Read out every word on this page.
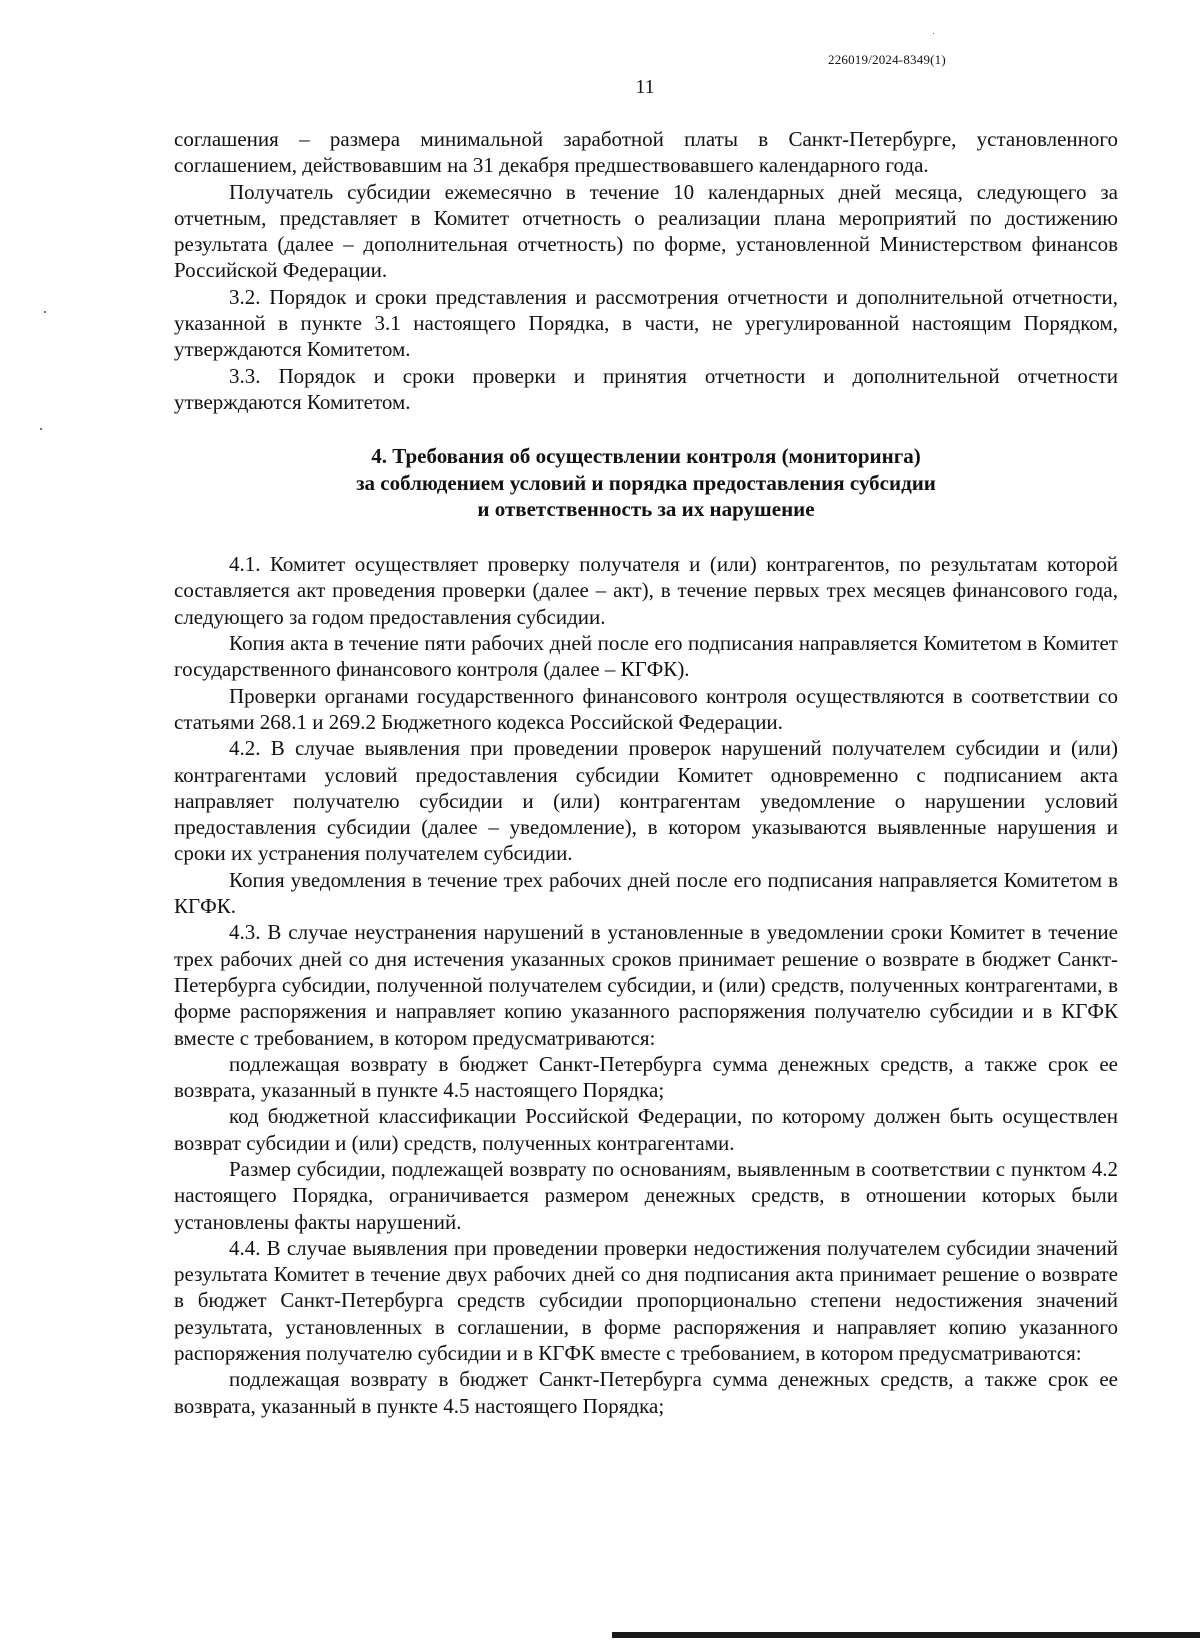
226019/2024-8349(1)
11

соглашения – размера минимальной заработной платы в Санкт-Петербурге, установленного соглашением, действовавшим на 31 декабря предшествовавшего календарного года.

Получатель субсидии ежемесячно в течение 10 календарных дней месяца, следующего за отчетным, представляет в Комитет отчетность о реализации плана мероприятий по достижению результата (далее – дополнительная отчетность) по форме, установленной Министерством финансов Российской Федерации.

3.2. Порядок и сроки представления и рассмотрения отчетности и дополнительной отчетности, указанной в пункте 3.1 настоящего Порядка, в части, не урегулированной настоящим Порядком, утверждаются Комитетом.

3.3. Порядок и сроки проверки и принятия отчетности и дополнительной отчетности утверждаются Комитетом.

4. Требования об осуществлении контроля (мониторинга)
за соблюдением условий и порядка предоставления субсидии
и ответственность за их нарушение

4.1. Комитет осуществляет проверку получателя и (или) контрагентов, по результатам которой составляется акт проведения проверки (далее – акт), в течение первых трех месяцев финансового года, следующего за годом предоставления субсидии.

Копия акта в течение пяти рабочих дней после его подписания направляется Комитетом в Комитет государственного финансового контроля (далее – КГФК).

Проверки органами государственного финансового контроля осуществляются в соответствии со статьями 268.1 и 269.2 Бюджетного кодекса Российской Федерации.

4.2. В случае выявления при проведении проверок нарушений получателем субсидии и (или) контрагентами условий предоставления субсидии Комитет одновременно с подписанием акта направляет получателю субсидии и (или) контрагентам уведомление о нарушении условий предоставления субсидии (далее – уведомление), в котором указываются выявленные нарушения и сроки их устранения получателем субсидии.

Копия уведомления в течение трех рабочих дней после его подписания направляется Комитетом в КГФК.

4.3. В случае неустранения нарушений в установленные в уведомлении сроки Комитет в течение трех рабочих дней со дня истечения указанных сроков принимает решение о возврате в бюджет Санкт-Петербурга субсидии, полученной получателем субсидии, и (или) средств, полученных контрагентами, в форме распоряжения и направляет копию указанного распоряжения получателю субсидии и в КГФК вместе с требованием, в котором предусматриваются:

подлежащая возврату в бюджет Санкт-Петербурга сумма денежных средств, а также срок ее возврата, указанный в пункте 4.5 настоящего Порядка;

код бюджетной классификации Российской Федерации, по которому должен быть осуществлен возврат субсидии и (или) средств, полученных контрагентами.

Размер субсидии, подлежащей возврату по основаниям, выявленным в соответствии с пунктом 4.2 настоящего Порядка, ограничивается размером денежных средств, в отношении которых были установлены факты нарушений.

4.4. В случае выявления при проведении проверки недостижения получателем субсидии значений результата Комитет в течение двух рабочих дней со дня подписания акта принимает решение о возврате в бюджет Санкт-Петербурга средств субсидии пропорционально степени недостижения значений результата, установленных в соглашении, в форме распоряжения и направляет копию указанного распоряжения получателю субсидии и в КГФК вместе с требованием, в котором предусматриваются:

подлежащая возврату в бюджет Санкт-Петербурга сумма денежных средств, а также срок ее возврата, указанный в пункте 4.5 настоящего Порядка;
